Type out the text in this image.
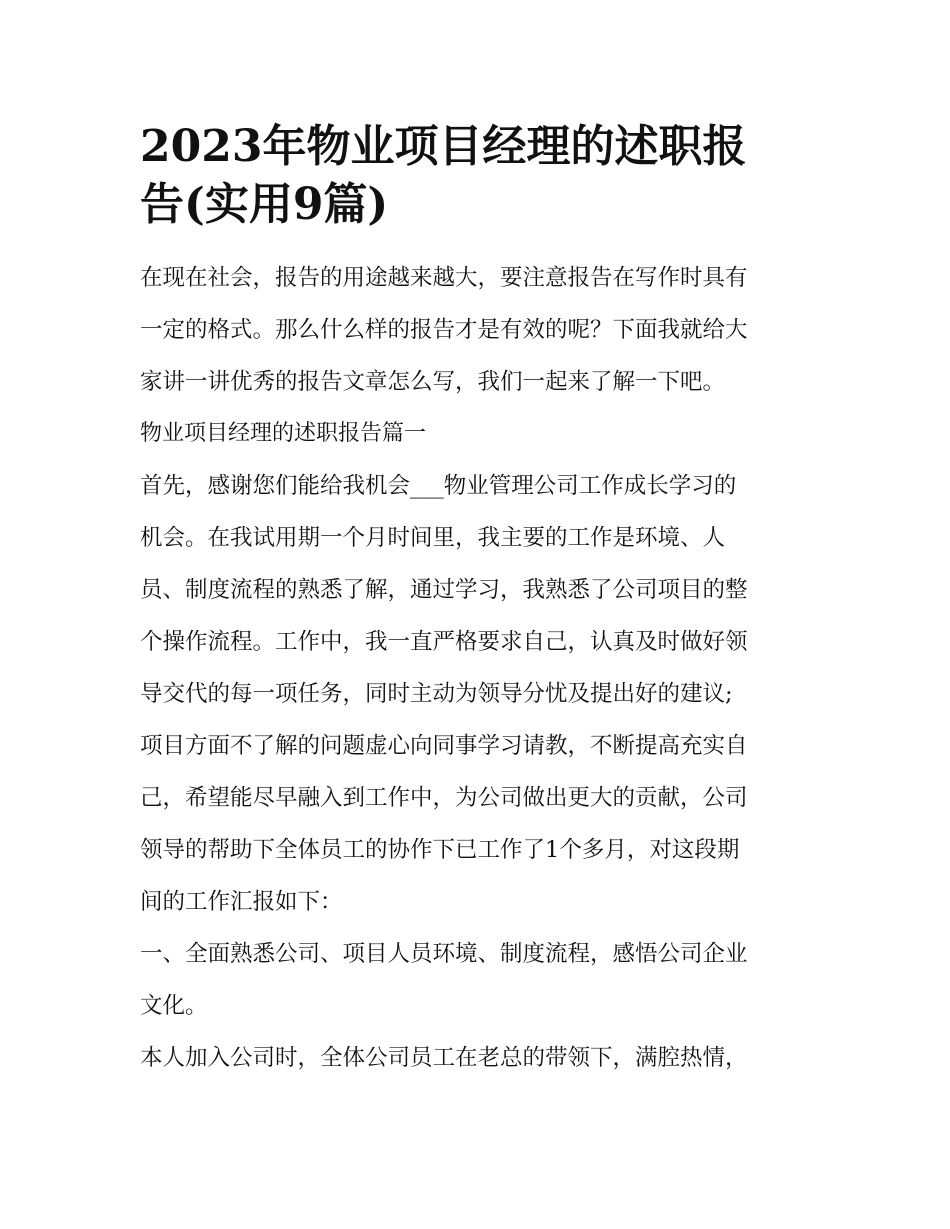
2023年物业项目经理的述职报
告(实用9篇)

在现在社会，报告的用途越来越大，要注意报告在写作时具有
一定的格式。那么什么样的报告才是有效的呢？下面我就给大
家讲一讲优秀的报告文章怎么写，我们一起来了解一下吧。

物业项目经理的述职报告篇一

首先，感谢您们能给我机会___物业管理公司工作成长学习的
机会。在我试用期一个月时间里，我主要的工作是环境、人
员、制度流程的熟悉了解，通过学习，我熟悉了公司项目的整
个操作流程。工作中，我一直严格要求自己，认真及时做好领
导交代的每一项任务，同时主动为领导分忧及提出好的建议;
项目方面不了解的问题虚心向同事学习请教，不断提高充实自
己，希望能尽早融入到工作中，为公司做出更大的贡献，公司
领导的帮助下全体员工的协作下已工作了1个多月，对这段期
间的工作汇报如下：

一、全面熟悉公司、项目人员环境、制度流程，感悟公司企业
文化。

本人加入公司时，全体公司员工在老总的带领下，满腔热情，
